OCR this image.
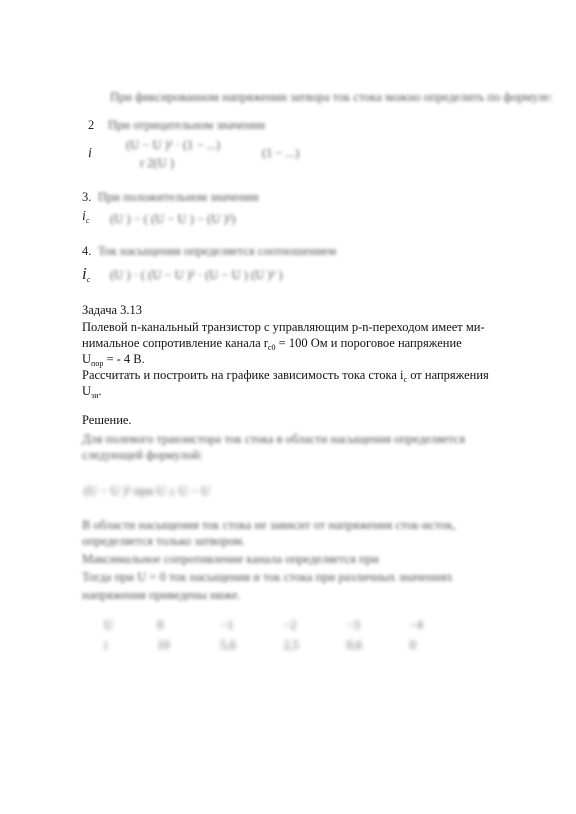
При фиксированном напряжении затвора ток стока можно определить по формуле:
2 При отрицательном значении
i
(U − U )² · (1 − ...)
r 2(U )
(1 − ...)
3. При положительном значении
$i_c$ (U ) − ( (U − U ) − (U )²)
4. Ток насыщения определяется соотношением
$i_c$ (U ) · ( (U − U )² · (U − U ) (U )² )
Задача 3.13
Полевой n-канальный транзистор с управляющим p-n-переходом имеет ми-
нимальное сопротивление канала $r_{c0} = 100$ Ом и пороговое напряжение
$U_{пор}$ = - 4 В.
Рассчитать и построить на графике зависимость тока стока $i_c$ от напряжения
$U_{зи}$.
Решение.
Для полевого транзистора ток стока в области насыщения определяется
следующей формулой:
(U − U )² при U ≥ U − U
В области насыщения ток стока не зависит от напряжения сток-исток,
определяется только затвором.
Максимальное сопротивление канала определяется при
Тогда при U = 0 ток насыщения и ток стока при различных значениях
напряжения приведены ниже.
U	0	−1	−2	−3	−4
i	10	5,6	2,5	0,6	0
